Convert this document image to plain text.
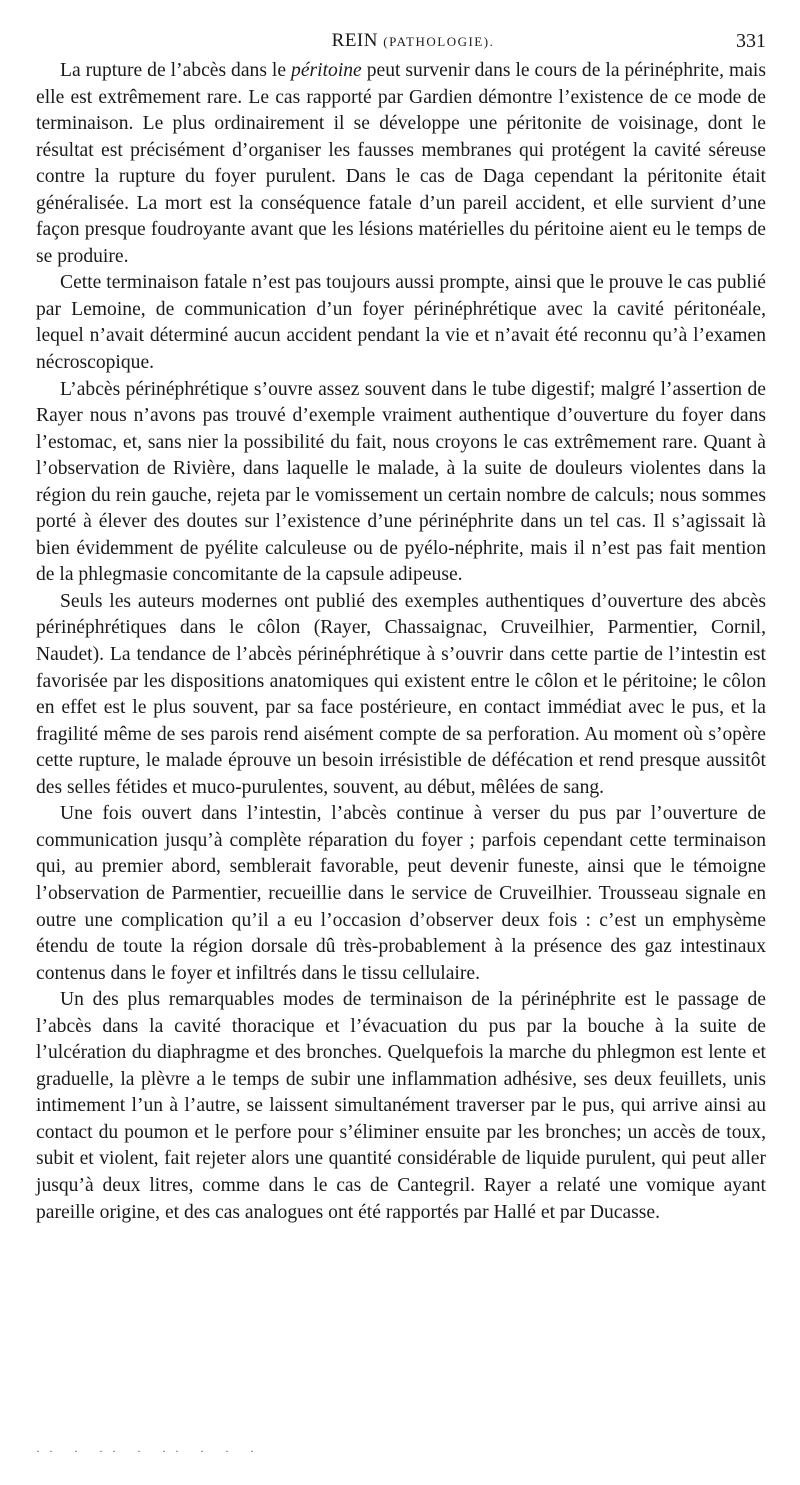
REIN (PATHOLOGIE).	331

La rupture de l’abcès dans le péritoine peut survenir dans le cours de la périnéphrite, mais elle est extrêmement rare. Le cas rapporté par Gardien démontre l’existence de ce mode de terminaison. Le plus ordinairement il se développe une péritonite de voisinage, dont le résultat est précisément d’organiser les fausses membranes qui protégent la cavité séreuse contre la rupture du foyer purulent. Dans le cas de Daga cependant la péritonite était généralisée. La mort est la conséquence fatale d’un pareil accident, et elle survient d’une façon presque foudroyante avant que les lésions matérielles du péritoine aient eu le temps de se produire.

Cette terminaison fatale n’est pas toujours aussi prompte, ainsi que le prouve le cas publié par Lemoine, de communication d’un foyer périnéphrétique avec la cavité péritonéale, lequel n’avait déterminé aucun accident pendant la vie et n’avait été reconnu qu’à l’examen nécroscopique.

L’abcès périnéphrétique s’ouvre assez souvent dans le tube digestif; malgré l’assertion de Rayer nous n’avons pas trouvé d’exemple vraiment authentique d’ouverture du foyer dans l’estomac, et, sans nier la possibilité du fait, nous croyons le cas extrêmement rare. Quant à l’observation de Rivière, dans laquelle le malade, à la suite de douleurs violentes dans la région du rein gauche, rejeta par le vomissement un certain nombre de calculs; nous sommes porté à élever des doutes sur l’existence d’une périnéphrite dans un tel cas. Il s’agissait là bien évidemment de pyélite calculeuse ou de pyélo-néphrite, mais il n’est pas fait mention de la phlegmasie concomitante de la capsule adipeuse.

Seuls les auteurs modernes ont publié des exemples authentiques d’ouverture des abcès périnéphrétiques dans le côlon (Rayer, Chassaignac, Cruveilhier, Parmentier, Cornil, Naudet). La tendance de l’abcès périnéphrétique à s’ouvrir dans cette partie de l’intestin est favorisée par les dispositions anatomiques qui existent entre le côlon et le péritoine; le côlon en effet est le plus souvent, par sa face postérieure, en contact immédiat avec le pus, et la fragilité même de ses parois rend aisément compte de sa perforation. Au moment où s’opère cette rupture, le malade éprouve un besoin irrésistible de défécation et rend presque aussitôt des selles fétides et muco-purulentes, souvent, au début, mêlées de sang.

Une fois ouvert dans l’intestin, l’abcès continue à verser du pus par l’ouverture de communication jusqu’à complète réparation du foyer ; parfois cependant cette terminaison qui, au premier abord, semblerait favorable, peut devenir funeste, ainsi que le témoigne l’observation de Parmentier, recueillie dans le service de Cruveilhier. Trousseau signale en outre une complication qu’il a eu l’occasion d’observer deux fois : c’est un emphysème étendu de toute la région dorsale dû très-probablement à la présence des gaz intestinaux contenus dans le foyer et infiltrés dans le tissu cellulaire.

Un des plus remarquables modes de terminaison de la périnéphrite est le passage de l’abcès dans la cavité thoracique et l’évacuation du pus par la bouche à la suite de l’ulcération du diaphragme et des bronches. Quelquefois la marche du phlegmon est lente et graduelle, la plèvre a le temps de subir une inflammation adhésive, ses deux feuillets, unis intimement l’un à l’autre, se laissent simultanément traverser par le pus, qui arrive ainsi au contact du poumon et le perfore pour s’éliminer ensuite par les bronches; un accès de toux, subit et violent, fait rejeter alors une quantité considérable de liquide purulent, qui peut aller jusqu’à deux litres, comme dans le cas de Cantegril. Rayer a relaté une vomique ayant pareille origine, et des cas analogues ont été rapportés par Hallé et par Ducasse.

·· · ·· · ·· · · ·
